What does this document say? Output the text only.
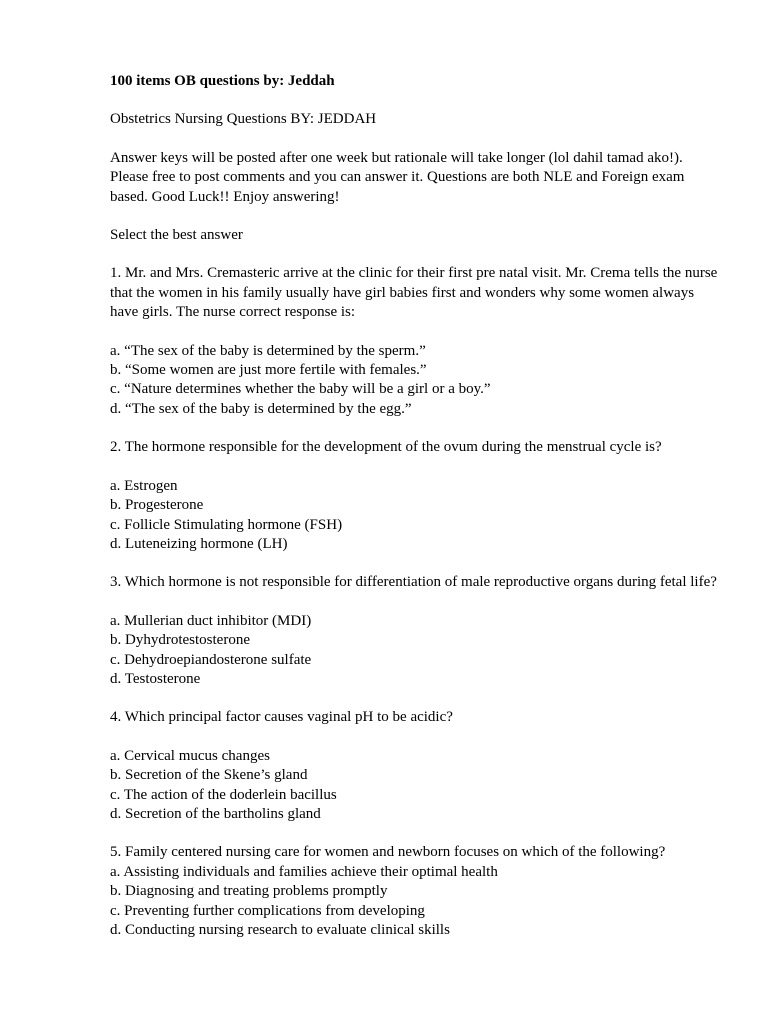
100 items OB questions by: Jeddah
Obstetrics Nursing Questions BY: JEDDAH
Answer keys will be posted after one week but rationale will take longer (lol dahil tamad ako!). Please free to post comments and you can answer it. Questions are both NLE and Foreign exam based. Good Luck!! Enjoy answering!
Select the best answer
1. Mr. and Mrs. Cremasteric arrive at the clinic for their first pre natal visit. Mr. Crema tells the nurse that the women in his family usually have girl babies first and wonders why some women always have girls. The nurse correct response is:
a. “The sex of the baby is determined by the sperm.”
b. “Some women are just more fertile with females.”
c. “Nature determines whether the baby will be a girl or a boy.”
d. “The sex of the baby is determined by the egg.”
2. The hormone responsible for the development of the ovum during the menstrual cycle is?
a. Estrogen
b. Progesterone
c. Follicle Stimulating hormone (FSH)
d. Luteneizing hormone (LH)
3. Which hormone is not responsible for differentiation of male reproductive organs during fetal life?
a. Mullerian duct inhibitor (MDI)
b. Dyhydrotestosterone
c. Dehydroepiandosterone sulfate
d. Testosterone
4. Which principal factor causes vaginal pH to be acidic?
a. Cervical mucus changes
b. Secretion of the Skene’s gland
c. The action of the doderlein bacillus
d. Secretion of the bartholins gland
5. Family centered nursing care for women and newborn focuses on which of the following?
a. Assisting individuals and families achieve their optimal health
b. Diagnosing and treating problems promptly
c. Preventing further complications from developing
d. Conducting nursing research to evaluate clinical skills
